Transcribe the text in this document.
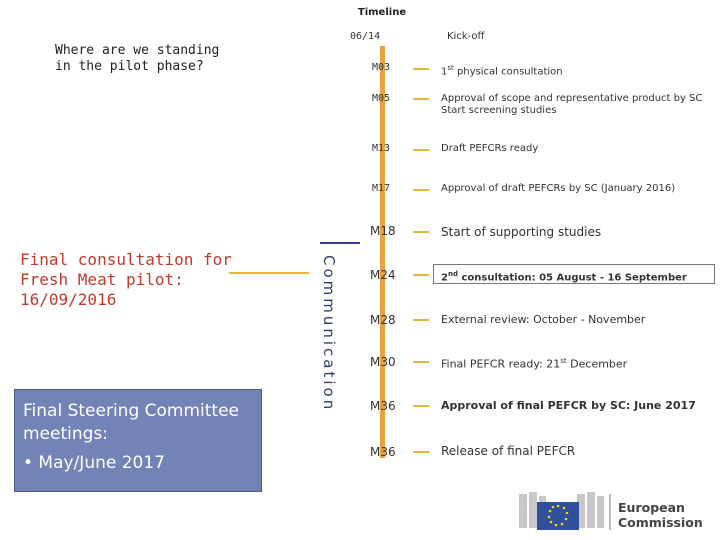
Timeline
Where are we standing
in the pilot phase?
06/14	Kick-off
M03	1st physical consultation
M05	Approval of scope and representative product by SC
Start screening studies
M13	Draft PEFCRs ready
M17	Approval of draft PEFCRs by SC (January 2016)
M18	Start of supporting studies
M24	2nd consultation: 05 August - 16 September
M28	External review: October - November
M30	Final PEFCR ready: 21st December
M36	Approval of final PEFCR by SC: June 2017
M36	Release of final PEFCR
Final consultation for
Fresh Meat pilot:
16/09/2016	Communication
Final Steering Committee meetings:
• May/June 2017
European
Commission
